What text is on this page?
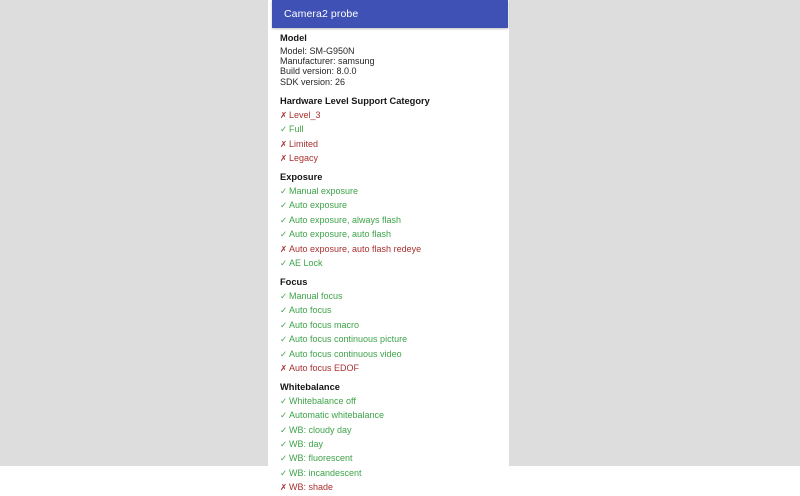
Camera2 probe
Model
Model: SM-G950N
Manufacturer: samsung
Build version: 8.0.0
SDK version: 26
Hardware Level Support Category
✗ Level_3
✓ Full
✗ Limited
✗ Legacy
Exposure
✓ Manual exposure
✓ Auto exposure
✓ Auto exposure, always flash
✓ Auto exposure, auto flash
✗ Auto exposure, auto flash redeye
✓ AE Lock
Focus
✓ Manual focus
✓ Auto focus
✓ Auto focus macro
✓ Auto focus continuous picture
✓ Auto focus continuous video
✗ Auto focus EDOF
Whitebalance
✓ Whitebalance off
✓ Automatic whitebalance
✓ WB: cloudy day
✓ WB: day
✓ WB: fluorescent
✓ WB: incandescent
✗ WB: shade
